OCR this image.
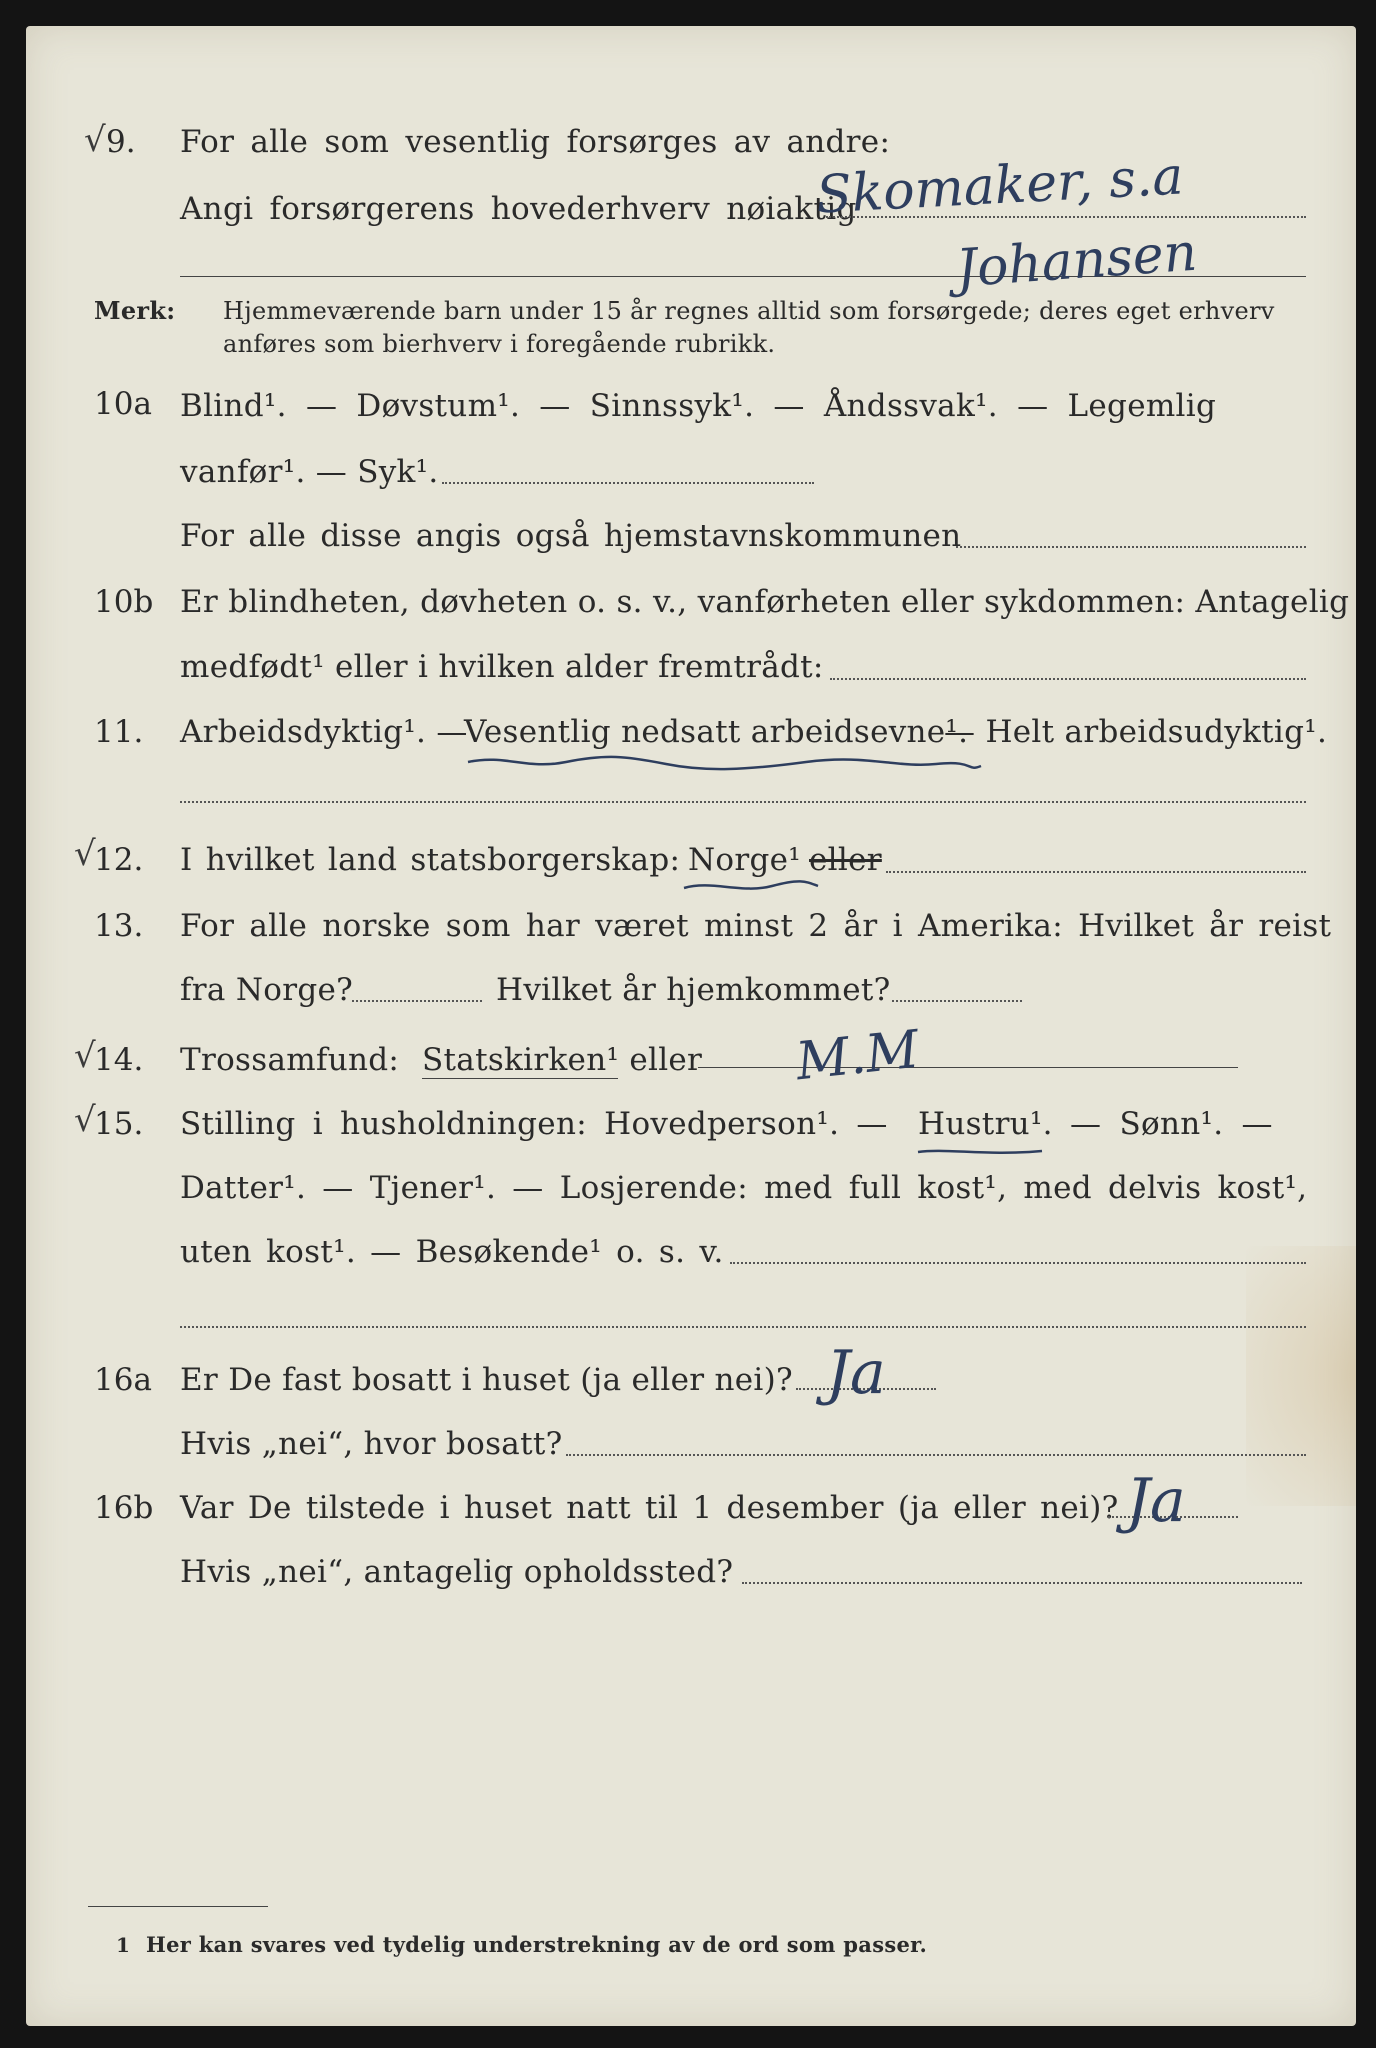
√ 9. For alle som vesentlig forsørges av andre:
Angi forsørgerens hovederhverv nøiaktig
Skomaker, s.a
Johansen
Merk: Hjemmeværende barn under 15 år regnes alltid som forsørgede; deres eget erhverv
anføres som bierhverv i foregående rubrikk.
10a Blind¹. — Døvstum¹. — Sinnssyk¹. — Åndssvak¹. — Legemlig
vanfør¹. — Syk¹.
For alle disse angis også hjemstavnskommunen
10b Er blindheten, døvheten o. s. v., vanførheten eller sykdommen: Antagelig
medfødt¹ eller i hvilken alder fremtrådt:
11. Arbeidsdyktig¹. —
Vesentlig nedsatt arbeidsevne¹.
— Helt arbeidsudyktig¹.
√
12. I hvilket land statsborgerskap: Norge¹ eller
13. For alle norske som har været minst 2 år i Amerika: Hvilket år reist
fra Norge?	Hvilket år hjemkommet?
√
14. Trossamfund: Statskirken¹ eller M.M
√
15. Stilling i husholdningen: Hovedperson¹. — Hustru¹. — Sønn¹. —
Datter¹. — Tjener¹. — Losjerende: med full kost¹, med delvis kost¹,
uten kost¹. — Besøkende¹ o. s. v.
16a Er De fast bosatt i huset (ja eller nei)? Ja
Hvis „nei“, hvor bosatt?
16b Var De tilstede i huset natt til 1 desember (ja eller nei)? Ja
Hvis „nei“, antagelig opholdssted?
1 Her kan svares ved tydelig understrekning av de ord som passer.
